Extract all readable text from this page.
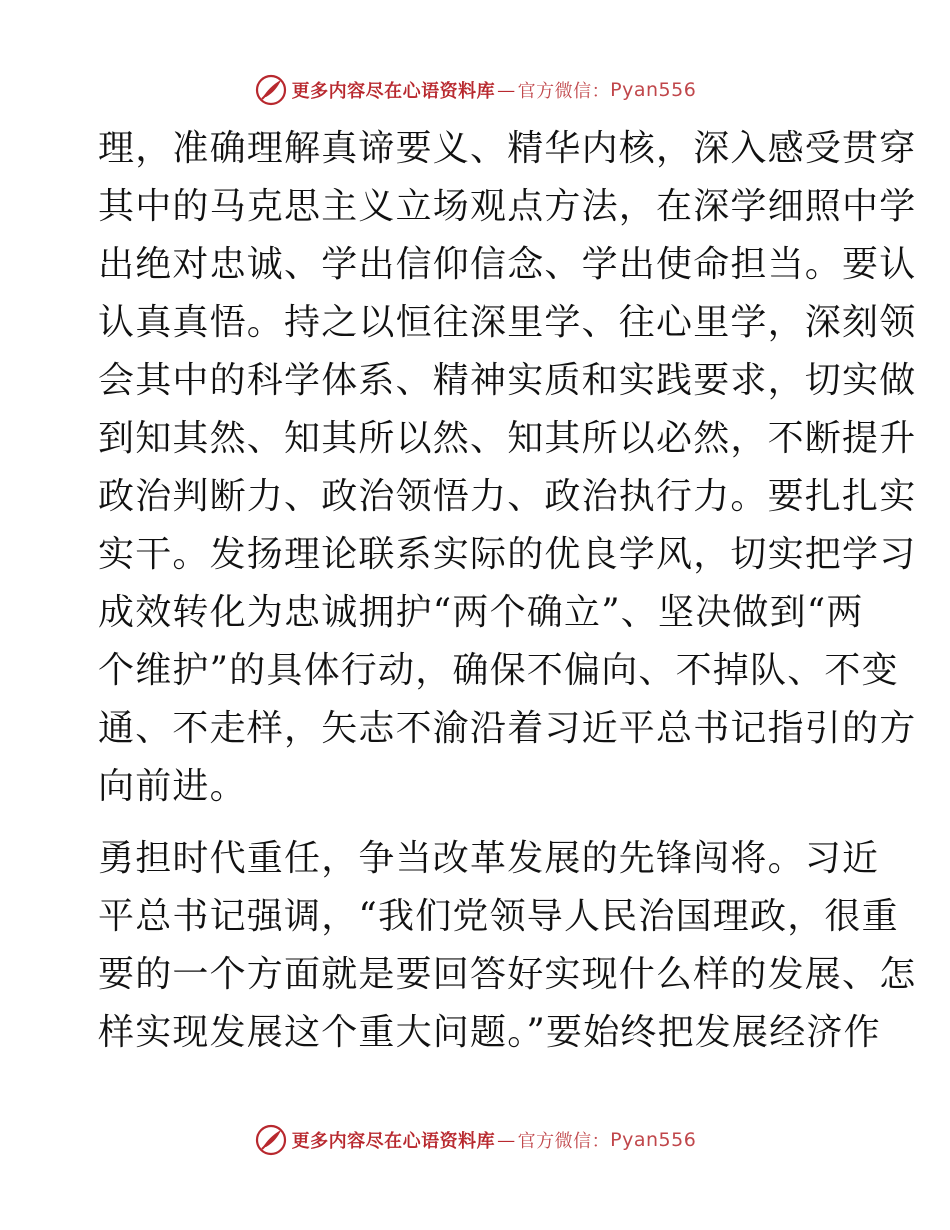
更多内容尽在心语资料库 — 官方微信： Pyan556
理，准确理解真谛要义、精华内核，深入感受贯穿
其中的马克思主义立场观点方法，在深学细照中学
出绝对忠诚、学出信仰信念、学出使命担当。要认
认真真悟。持之以恒往深里学、往心里学，深刻领
会其中的科学体系、精神实质和实践要求，切实做
到知其然、知其所以然、知其所以必然，不断提升
政治判断力、政治领悟力、政治执行力。要扎扎实
实干。发扬理论联系实际的优良学风，切实把学习
成效转化为忠诚拥护“两个确立”、坚决做到“两
个维护”的具体行动，确保不偏向、不掉队、不变
通、不走样，矢志不渝沿着习近平总书记指引的方
向前进。
勇担时代重任，争当改革发展的先锋闯将。习近
平总书记强调，“我们党领导人民治国理政，很重
要的一个方面就是要回答好实现什么样的发展、怎
样实现发展这个重大问题。”要始终把发展经济作
更多内容尽在心语资料库 — 官方微信： Pyan556
